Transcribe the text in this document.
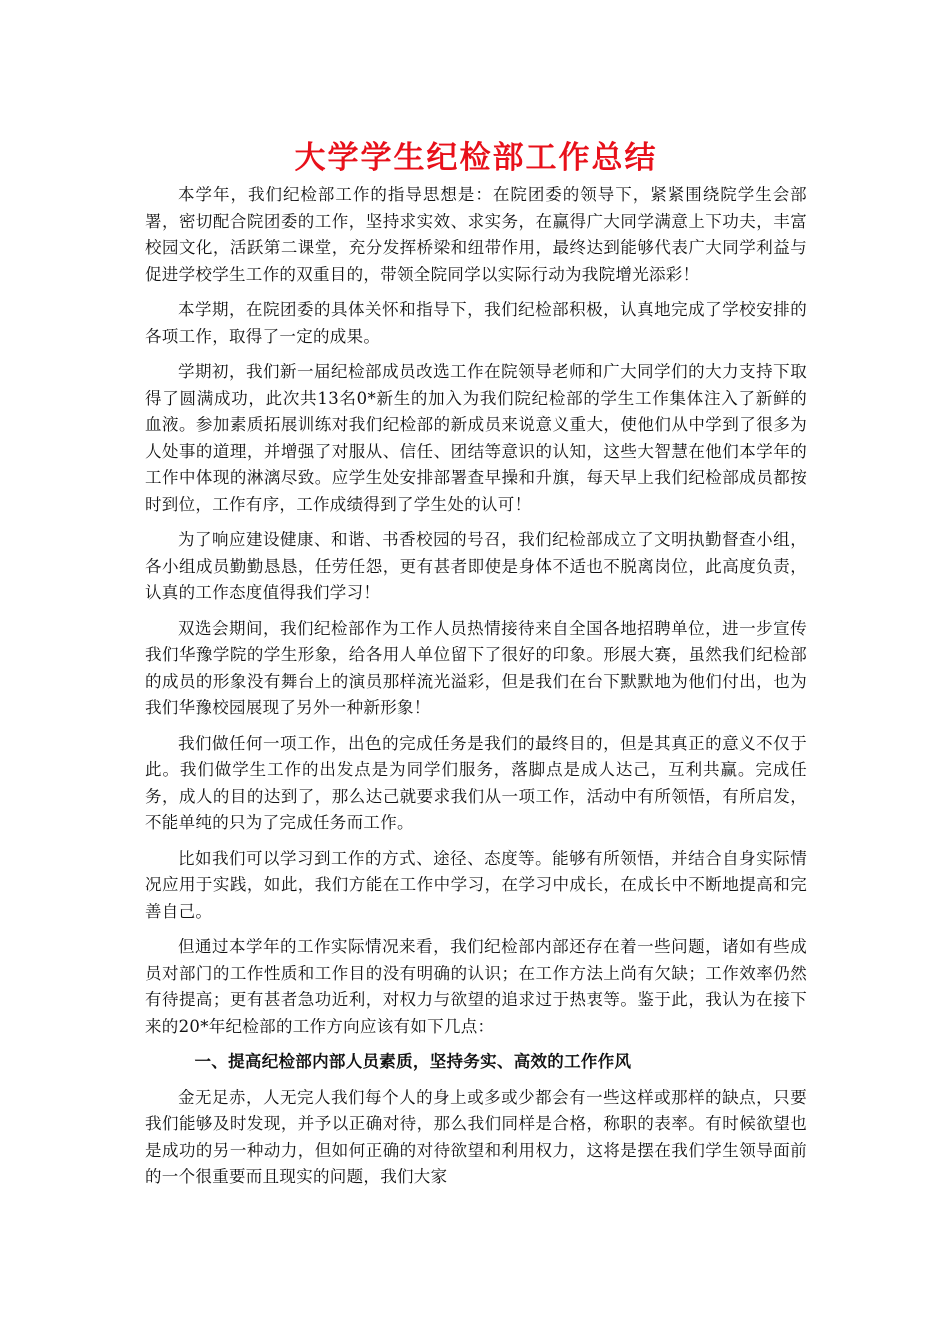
大学学生纪检部工作总结

本学年，我们纪检部工作的指导思想是：在院团委的领导下，紧紧围绕院学生会部署，密切配合院团委的工作，坚持求实效、求实务，在赢得广大同学满意上下功夫，丰富校园文化，活跃第二课堂，充分发挥桥梁和纽带作用，最终达到能够代表广大同学利益与促进学校学生工作的双重目的，带领全院同学以实际行动为我院增光添彩！

本学期，在院团委的具体关怀和指导下，我们纪检部积极，认真地完成了学校安排的各项工作，取得了一定的成果。

学期初，我们新一届纪检部成员改选工作在院领导老师和广大同学们的大力支持下取得了圆满成功，此次共13名0*新生的加入为我们院纪检部的学生工作集体注入了新鲜的血液。参加素质拓展训练对我们纪检部的新成员来说意义重大，使他们从中学到了很多为人处事的道理，并增强了对服从、信任、团结等意识的认知，这些大智慧在他们本学年的工作中体现的淋漓尽致。应学生处安排部署查早操和升旗，每天早上我们纪检部成员都按时到位，工作有序，工作成绩得到了学生处的认可！

为了响应建设健康、和谐、书香校园的号召，我们纪检部成立了文明执勤督查小组，各小组成员勤勤恳恳，任劳任怨，更有甚者即使是身体不适也不脱离岗位，此高度负责，认真的工作态度值得我们学习！

双选会期间，我们纪检部作为工作人员热情接待来自全国各地招聘单位，进一步宣传我们华豫学院的学生形象，给各用人单位留下了很好的印象。形展大赛，虽然我们纪检部的成员的形象没有舞台上的演员那样流光溢彩，但是我们在台下默默地为他们付出，也为我们华豫校园展现了另外一种新形象！

我们做任何一项工作，出色的完成任务是我们的最终目的，但是其真正的意义不仅于此。我们做学生工作的出发点是为同学们服务，落脚点是成人达己，互利共赢。完成任务，成人的目的达到了，那么达己就要求我们从一项工作，活动中有所领悟，有所启发，不能单纯的只为了完成任务而工作。

比如我们可以学习到工作的方式、途径、态度等。能够有所领悟，并结合自身实际情况应用于实践，如此，我们方能在工作中学习，在学习中成长，在成长中不断地提高和完善自己。

但通过本学年的工作实际情况来看，我们纪检部内部还存在着一些问题，诸如有些成员对部门的工作性质和工作目的没有明确的认识；在工作方法上尚有欠缺；工作效率仍然有待提高；更有甚者急功近利，对权力与欲望的追求过于热衷等。鉴于此，我认为在接下来的20*年纪检部的工作方向应该有如下几点：

一、提高纪检部内部人员素质，坚持务实、高效的工作作风

金无足赤，人无完人我们每个人的身上或多或少都会有一些这样或那样的缺点，只要我们能够及时发现，并予以正确对待，那么我们同样是合格，称职的表率。有时候欲望也是成功的另一种动力，但如何正确的对待欲望和利用权力，这将是摆在我们学生领导面前的一个很重要而且现实的问题，我们大家
